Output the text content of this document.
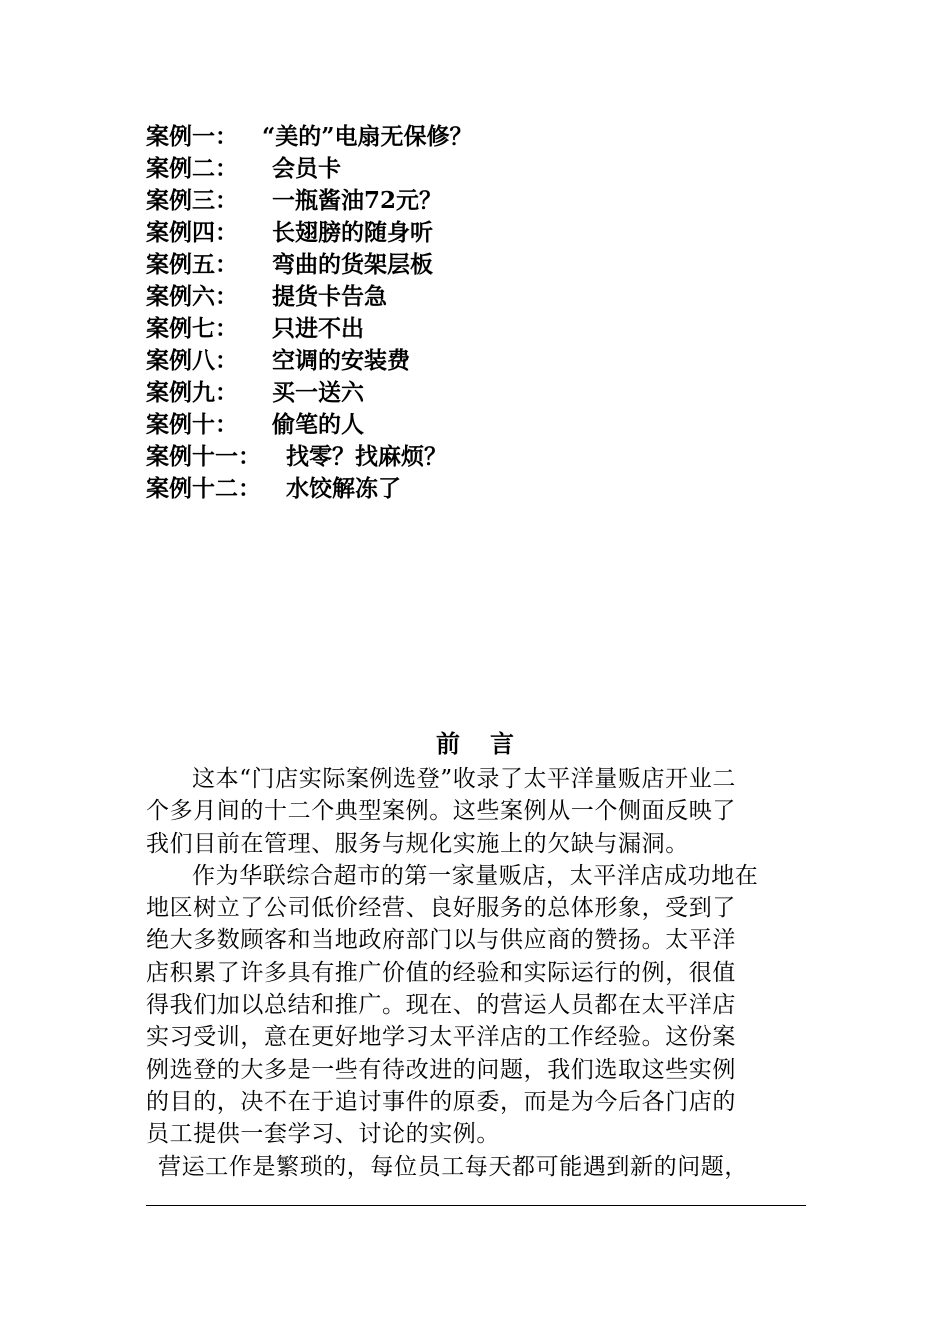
案例一： “美的”电扇无保修？
案例二： 会员卡
案例三： 一瓶酱油72元？
案例四： 长翅膀的随身听
案例五： 弯曲的货架层板
案例六： 提货卡告急
案例七： 只进不出
案例八： 空调的安装费
案例九： 买一送六
案例十： 偷笔的人
案例十一： 找零？找麻烦？
案例十二： 水饺解冻了
前言

这本“门店实际案例选登”收录了太平洋量贩店开业二
个多月间的十二个典型案例。这些案例从一个侧面反映了
我们目前在管理、服务与规化实施上的欠缺与漏洞。

作为华联综合超市的第一家量贩店，太平洋店成功地在
地区树立了公司低价经营、良好服务的总体形象，受到了
绝大多数顾客和当地政府部门以与供应商的赞扬。太平洋
店积累了许多具有推广价值的经验和实际运行的例，很值
得我们加以总结和推广。现在、的营运人员都在太平洋店
实习受训，意在更好地学习太平洋店的工作经验。这份案
例选登的大多是一些有待改进的问题，我们选取这些实例
的目的，决不在于追讨事件的原委，而是为今后各门店的
员工提供一套学习、讨论的实例。

营运工作是繁琐的，每位员工每天都可能遇到新的问题，
